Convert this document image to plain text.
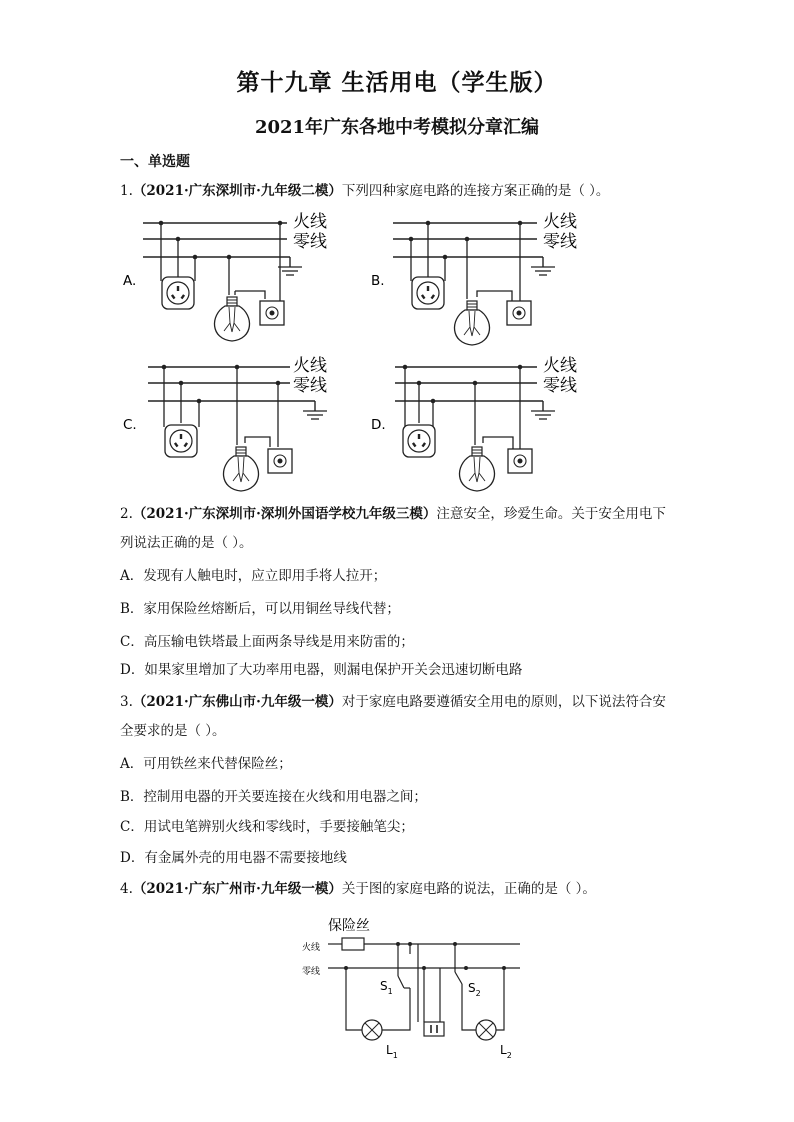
第十九章 生活用电（学生版）
2021年广东各地中考模拟分章汇编
一、单选题
1.（2021·广东深圳市·九年级二模）下列四种家庭电路的连接方案正确的是（ ）。
A.
火线
零线
B.
火线
零线
C.
火线
零线
D.
火线
零线
2.（2021·广东深圳市·深圳外国语学校九年级三模）注意安全，珍爱生命。关于安全用电下
列说法正确的是（ ）。
A．发现有人触电时，应立即用手将人拉开；
B．家用保险丝熔断后，可以用铜丝导线代替；
C．高压输电铁塔最上面两条导线是用来防雷的；
D．如果家里增加了大功率用电器，则漏电保护开关会迅速切断电路
3.（2021·广东佛山市·九年级一模）对于家庭电路要遵循安全用电的原则，以下说法符合安
全要求的是（ ）。
A．可用铁丝来代替保险丝；
B．控制用电器的开关要连接在火线和用电器之间；
C．用试电笔辨别火线和零线时，手要接触笔尖；
D．有金属外壳的用电器不需要接地线
4.（2021·广东广州市·九年级一模）关于图的家庭电路的说法，正确的是（ ）。
保险丝
火线
零线
$S_1$
$L_1$
$S_2$
$L_2$
